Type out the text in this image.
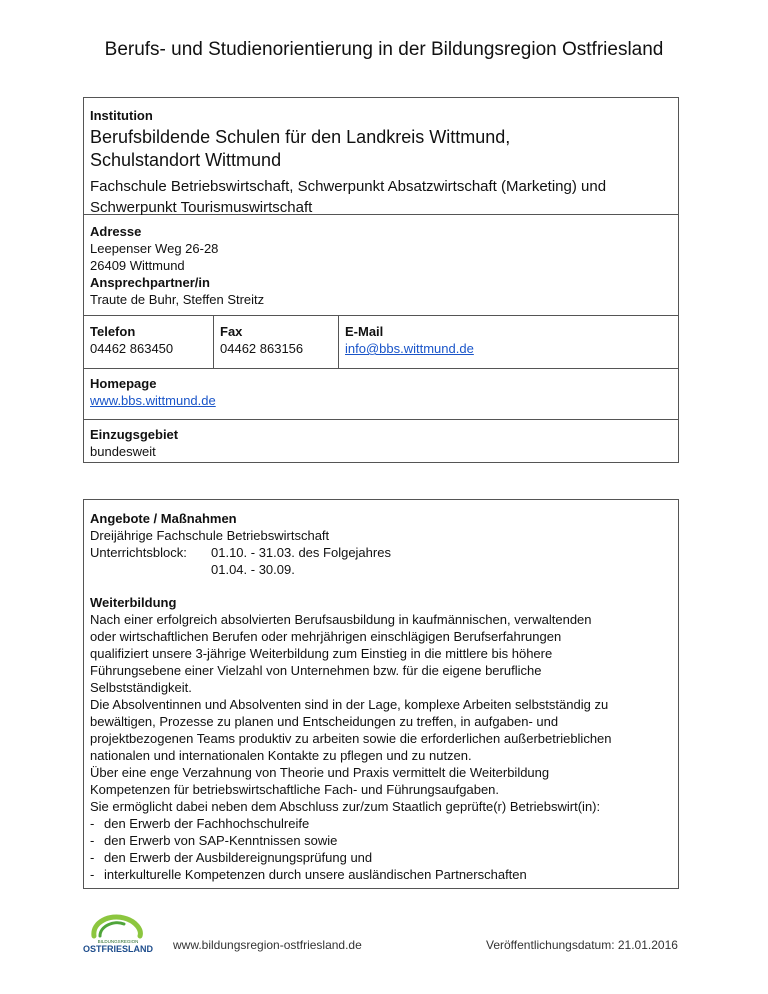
Berufs- und Studienorientierung in der Bildungsregion Ostfriesland
Institution
Berufsbildende Schulen für den Landkreis Wittmund,
Schulstandort Wittmund
Fachschule Betriebswirtschaft, Schwerpunkt Absatzwirtschaft (Marketing) und
Schwerpunkt Tourismuswirtschaft
Adresse
Leepenser Weg 26-28
26409 Wittmund
Ansprechpartner/in
Traute de Buhr, Steffen Streitz
Telefon
04462 863450
Fax
04462 863156
E-Mail
info@bbs.wittmund.de
Homepage
www.bbs.wittmund.de
Einzugsgebiet
bundesweit
Angebote / Maßnahmen
Dreijährige Fachschule Betriebswirtschaft
Unterrichtsblock:	01.10. - 31.03. des Folgejahres
01.04. - 30.09.
Weiterbildung
Nach einer erfolgreich absolvierten Berufsausbildung in kaufmännischen, verwaltenden
oder wirtschaftlichen Berufen oder mehrjährigen einschlägigen Berufserfahrungen
qualifiziert unsere 3-jährige Weiterbildung zum Einstieg in die mittlere bis höhere
Führungsebene einer Vielzahl von Unternehmen bzw. für die eigene berufliche
Selbstständigkeit.
Die Absolventinnen und Absolventen sind in der Lage, komplexe Arbeiten selbstständig zu
bewältigen, Prozesse zu planen und Entscheidungen zu treffen, in aufgaben- und
projektbezogenen Teams produktiv zu arbeiten sowie die erforderlichen außerbetrieblichen
nationalen und internationalen Kontakte zu pflegen und zu nutzen.
Über eine enge Verzahnung von Theorie und Praxis vermittelt die Weiterbildung
Kompetenzen für betriebswirtschaftliche Fach- und Führungsaufgaben.
Sie ermöglicht dabei neben dem Abschluss zur/zum Staatlich geprüfte(r) Betriebswirt(in):
- den Erwerb der Fachhochschulreife
- den Erwerb von SAP-Kenntnissen sowie
- den Erwerb der Ausbildereignungsprüfung und
- interkulturelle Kompetenzen durch unsere ausländischen Partnerschaften
BILDUNGSREGION
OSTFRIESLAND www.bildungsregion-ostfriesland.de	Veröffentlichungsdatum: 21.01.2016
